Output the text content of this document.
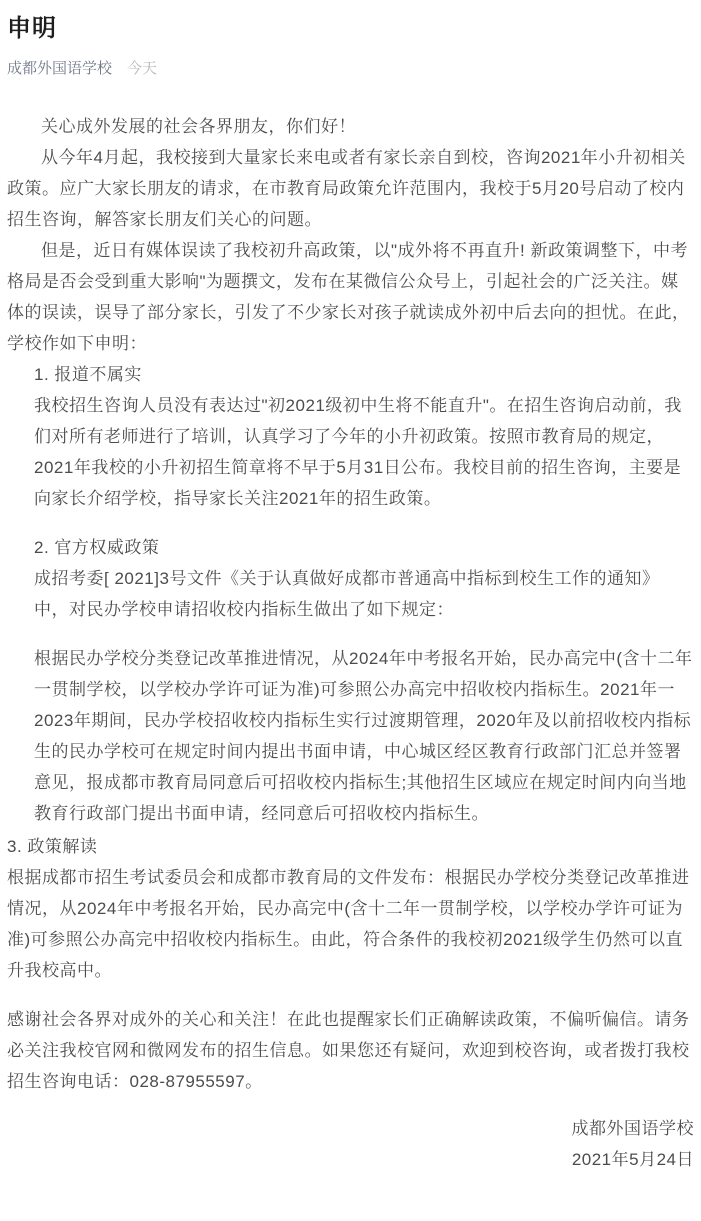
申明
成都外国语学校 今天

关心成外发展的社会各界朋友，你们好！

从今年4月起，我校接到大量家长来电或者有家长亲自到校，咨询2021年小升初相关政策。应广大家长朋友的请求，在市教育局政策允许范围内，我校于5月20号启动了校内招生咨询，解答家长朋友们关心的问题。

但是，近日有媒体误读了我校初升高政策，以"成外将不再直升! 新政策调整下，中考格局是否会受到重大影响"为题撰文，发布在某微信公众号上，引起社会的广泛关注。媒体的误读，误导了部分家长，引发了不少家长对孩子就读成外初中后去向的担忧。在此，学校作如下申明：

1. 报道不属实

我校招生咨询人员没有表达过"初2021级初中生将不能直升"。在招生咨询启动前，我们对所有老师进行了培训，认真学习了今年的小升初政策。按照市教育局的规定，2021年我校的小升初招生简章将不早于5月31日公布。我校目前的招生咨询，主要是向家长介绍学校，指导家长关注2021年的招生政策。

2. 官方权威政策

成招考委[ 2021]3号文件《关于认真做好成都市普通高中指标到校生工作的通知》中，对民办学校申请招收校内指标生做出了如下规定：

根据民办学校分类登记改革推进情况，从2024年中考报名开始，民办高完中(含十二年一贯制学校，以学校办学许可证为准)可参照公办高完中招收校内指标生。2021年一2023年期间，民办学校招收校内指标生实行过渡期管理，2020年及以前招收校内指标生的民办学校可在规定时间内提出书面申请，中心城区经区教育行政部门汇总并签署意见，报成都市教育局同意后可招收校内指标生;其他招生区域应在规定时间内向当地教育行政部门提出书面申请，经同意后可招收校内指标生。

3. 政策解读

根据成都市招生考试委员会和成都市教育局的文件发布：根据民办学校分类登记改革推进情况，从2024年中考报名开始，民办高完中(含十二年一贯制学校，以学校办学许可证为准)可参照公办高完中招收校内指标生。由此，符合条件的我校初2021级学生仍然可以直升我校高中。

感谢社会各界对成外的关心和关注！在此也提醒家长们正确解读政策，不偏听偏信。请务必关注我校官网和微网发布的招生信息。如果您还有疑问，欢迎到校咨询，或者拨打我校招生咨询电话：028-87955597。

成都外国语学校

2021年5月24日
